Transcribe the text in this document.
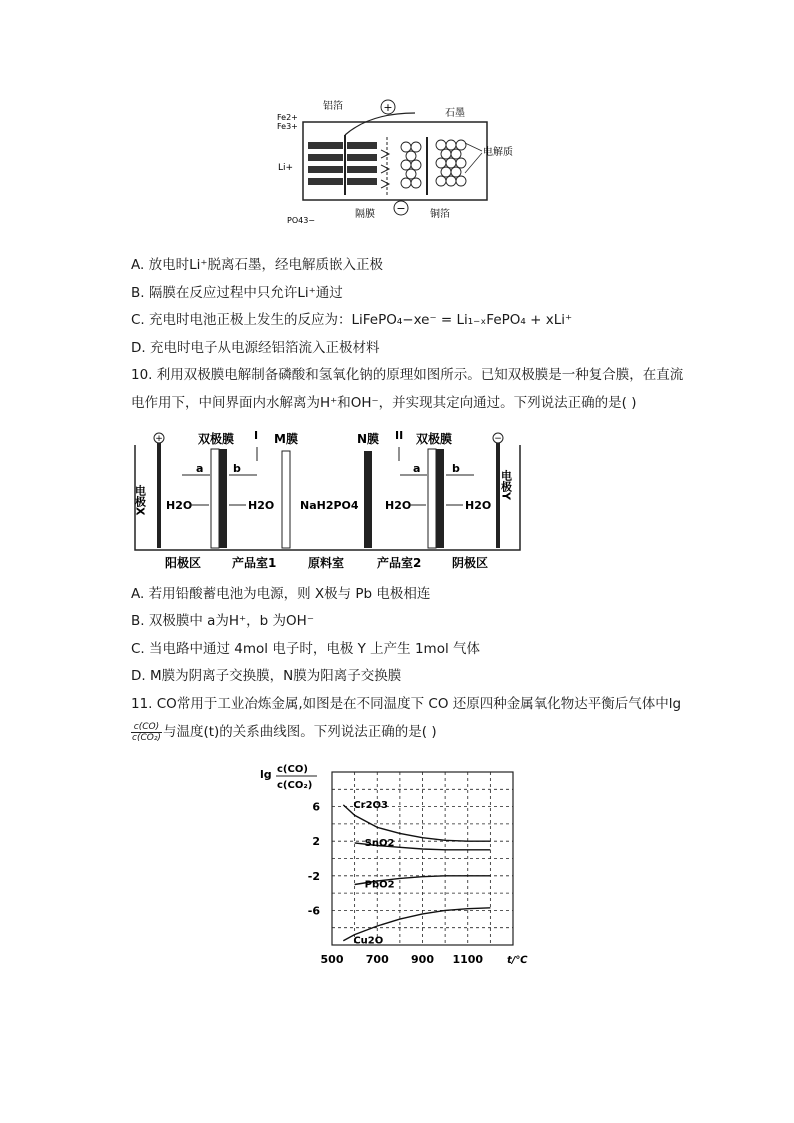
+
−
铝箔
石墨
电解质
Fe2+
Fe3+
Li+
PO43−
隔膜	铜箔
A. 放电时Li⁺脱离石墨，经电解质嵌入正极
B. 隔膜在反应过程中只允许Li⁺通过
C. 充电时电池正极上发生的反应为：LiFePO₄−xe⁻ = Li₁₋ₓFePO₄ + xLi⁺
D. 充电时电子从电源经铝箔流入正极材料
10. 利用双极膜电解制备磷酸和氢氧化钠的原理如图所示。已知双极膜是一种复合膜，在直流
电作用下，中间界面内水解离为H⁺和OH⁻，并实现其定向通过。下列说法正确的是( )
+
电极X
双极膜 I
a	b
H2O	H2O
M膜
NaH2PO4
N膜 II 双极膜
a	b
H2O	H2O
−
电极Y
阳极区	产品室1	原料室	产品室2	阴极区
A. 若用铅酸蓄电池为电源，则 X极与 Pb 电极相连
B. 双极膜中 a为H⁺，b 为OH⁻
C. 当电路中通过 4mol 电子时，电极 Y 上产生 1mol 气体
D. M膜为阴离子交换膜，N膜为阳离子交换膜
11. CO常用于工业冶炼金属,如图是在不同温度下 CO 还原四种金属氧化物达平衡后气体中lg
$\frac{c(CO)}{\text{c(CO₂)}}$ 与温度(t)的关系曲线图。下列说法正确的是( )
6
2
-2
-6
500 700 900 1100
Cr2O3
SnO2
PbO2
Cu2O
lg c(CO)
c(CO₂)
t/℃
